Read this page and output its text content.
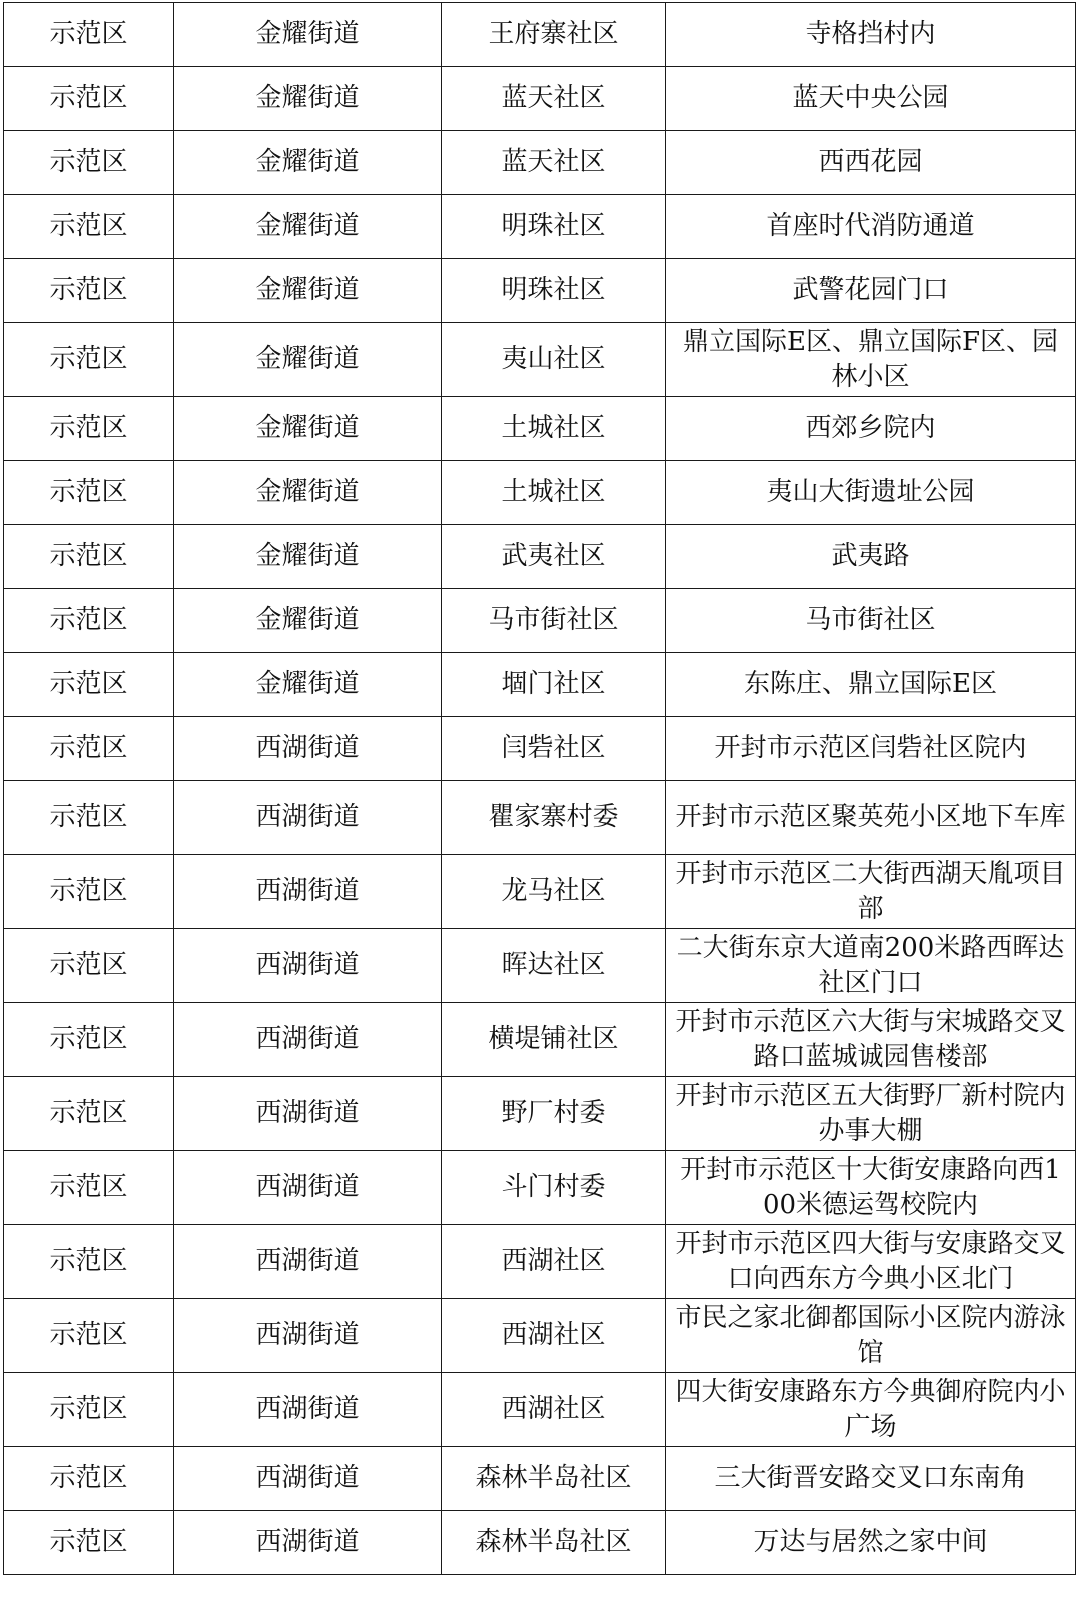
示范区	金耀街道	王府寨社区	寺格挡村内
示范区	金耀街道	蓝天社区	蓝天中央公园
示范区	金耀街道	蓝天社区	西西花园
示范区	金耀街道	明珠社区	首座时代消防通道
示范区	金耀街道	明珠社区	武警花园门口
示范区	金耀街道	夷山社区	鼎立国际E区、鼎立国际F区、园林小区
示范区	金耀街道	土城社区	西郊乡院内
示范区	金耀街道	土城社区	夷山大街遗址公园
示范区	金耀街道	武夷社区	武夷路
示范区	金耀街道	马市街社区	马市街社区
示范区	金耀街道	堌门社区	东陈庄、鼎立国际E区
示范区	西湖街道	闫砦社区	开封市示范区闫砦社区院内
示范区	西湖街道	瞿家寨村委	开封市示范区聚英苑小区地下车库
示范区	西湖街道	龙马社区	开封市示范区二大街西湖天胤项目部
示范区	西湖街道	晖达社区	二大街东京大道南200米路西晖达社区门口
示范区	西湖街道	横堤铺社区	开封市示范区六大街与宋城路交叉路口蓝城诚园售楼部
示范区	西湖街道	野厂村委	开封市示范区五大街野厂新村院内办事大棚
示范区	西湖街道	斗门村委	开封市示范区十大街安康路向西100米德运驾校院内
示范区	西湖街道	西湖社区	开封市示范区四大街与安康路交叉口向西东方今典小区北门
示范区	西湖街道	西湖社区	市民之家北御都国际小区院内游泳馆
示范区	西湖街道	西湖社区	四大街安康路东方今典御府院内小广场
示范区	西湖街道	森林半岛社区	三大街晋安路交叉口东南角
示范区	西湖街道	森林半岛社区	万达与居然之家中间
